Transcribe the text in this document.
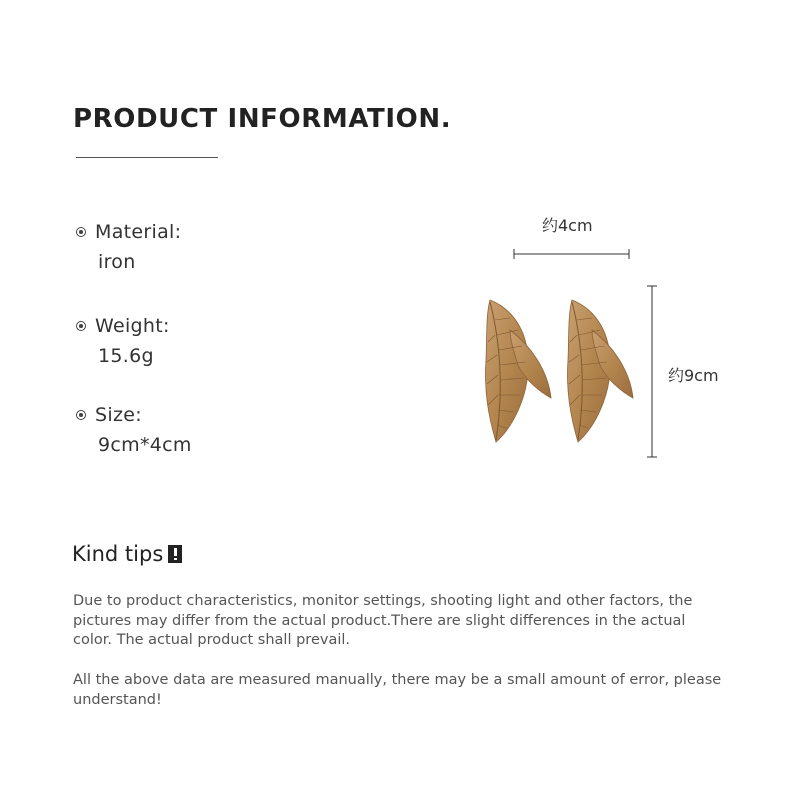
PRODUCT INFORMATION.
Material:
iron
Weight:
15.6g
Size:
9cm*4cm
约4cm
约9cm
Kind tips
Due to product characteristics, monitor settings, shooting light and other factors, the pictures may differ from the actual product.There are slight differences in the actual color. The actual product shall prevail.
All the above data are measured manually, there may be a small amount of error, please understand!
